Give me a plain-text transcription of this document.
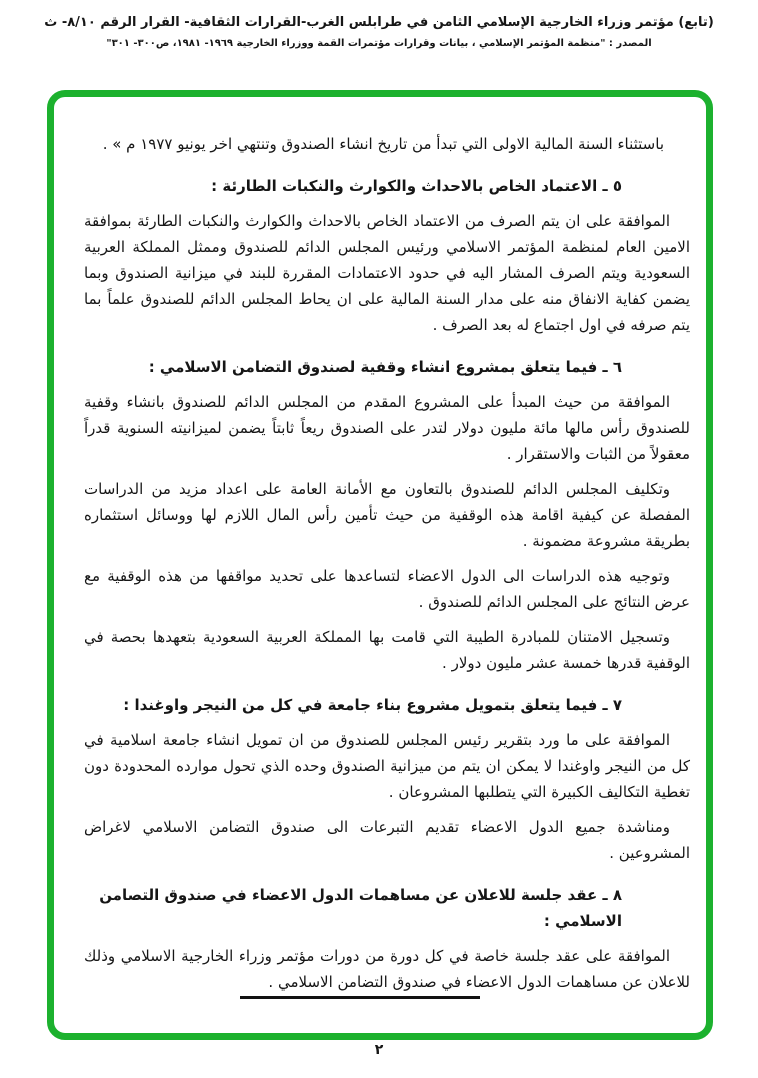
(تابع) مؤتمر وزراء الخارجية الإسلامي الثامن في طرابلس الغرب-القرارات الثقافية- القرار الرقم ٨/١٠- ث
المصدر : "منظمة المؤتمر الإسلامي ، بيانات وقرارات مؤتمرات القمة ووزراء الخارجية ١٩٦٩- ١٩٨١، ص٣٠٠- ٣٠١"

باستثناء السنة المالية الاولى التي تبدأ من تاريخ انشاء الصندوق وتنتهي اخر يونيو ١٩٧٧ م » .

٥ ـ الاعتماد الخاص بالاحداث والكوارث والنكبات الطارئة :

الموافقة على ان يتم الصرف من الاعتماد الخاص بالاحداث والكوارث والنكبات الطارئة بموافقة الامين العام لمنظمة المؤتمر الاسلامي ورئيس المجلس الدائم للصندوق وممثل المملكة العربية السعودية ويتم الصرف المشار اليه في حدود الاعتمادات المقررة للبند في ميزانية الصندوق وبما يضمن كفاية الانفاق منه على مدار السنة المالية على ان يحاط المجلس الدائم للصندوق علماً بما يتم صرفه في اول اجتماع له بعد الصرف .

٦ ـ فيما يتعلق بمشروع انشاء وقفية لصندوق التضامن الاسلامي :

الموافقة من حيث المبدأ على المشروع المقدم من المجلس الدائم للصندوق بانشاء وقفية للصندوق رأس مالها مائة مليون دولار لتدر على الصندوق ريعاً ثابتاً يضمن لميزانيته السنوية قدراً معقولاً من الثبات والاستقرار .

وتكليف المجلس الدائم للصندوق بالتعاون مع الأمانة العامة على اعداد مزيد من الدراسات المفصلة عن كيفية اقامة هذه الوقفية من حيث تأمين رأس المال اللازم لها ووسائل استثماره بطريقة مشروعة مضمونة .

وتوجيه هذه الدراسات الى الدول الاعضاء لتساعدها على تحديد مواقفها من هذه الوقفية مع عرض النتائج على المجلس الدائم للصندوق .

وتسجيل الامتنان للمبادرة الطيبة التي قامت بها المملكة العربية السعودية بتعهدها بحصة في الوقفية قدرها خمسة عشر مليون دولار .

٧ ـ فيما يتعلق بتمويل مشروع بناء جامعة في كل من النيجر واوغندا :

الموافقة على ما ورد بتقرير رئيس المجلس للصندوق من ان تمويل انشاء جامعة اسلامية في كل من النيجر واوغندا لا يمكن ان يتم من ميزانية الصندوق وحده الذي تحول موارده المحدودة دون تغطية التكاليف الكبيرة التي يتطلبها المشروعان .

ومناشدة جميع الدول الاعضاء تقديم التبرعات الى صندوق التضامن الاسلامي لاغراض المشروعين .

٨ ـ عقد جلسة للاعلان عن مساهمات الدول الاعضاء في صندوق التصامن الاسلامي :

الموافقة على عقد جلسة خاصة في كل دورة من دورات مؤتمر وزراء الخارجية الاسلامي وذلك للاعلان عن مساهمات الدول الاعضاء في صندوق التضامن الاسلامي .

٢
